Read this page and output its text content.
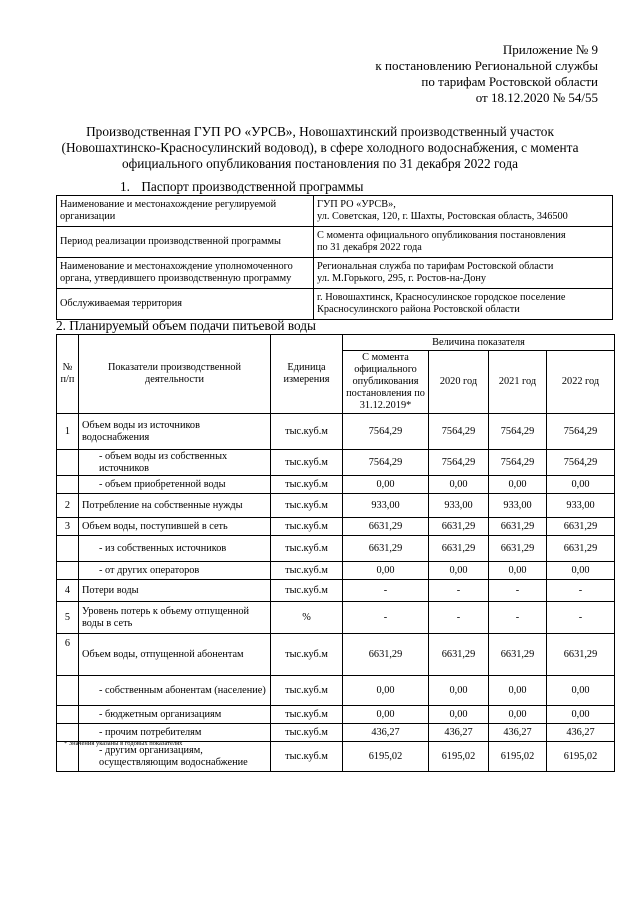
Приложение № 9
к постановлению Региональной службы
по тарифам Ростовской области
от 18.12.2020 № 54/55
Производственная ГУП РО «УРСВ», Новошахтинский производственный участок
(Новошахтинско-Красносулинский водовод), в сфере холодного водоснабжения, с момента
официального опубликования постановления по 31 декабря 2022 года
1. Паспорт производственной программы
Наименование и местонахождение регулируемой организации	ГУП РО «УРСВ»,
ул. Советская, 120, г. Шахты, Ростовская область, 346500

Период реализации производственной программы	С момента официального опубликования постановления
по 31 декабря 2022 года

Наименование и местонахождение уполномоченного органа, утвердившего производственную программу	Региональная служба по тарифам Ростовской области
ул. М.Горького, 295, г. Ростов-на-Дону

Обслуживаемая территория	г. Новошахтинск, Красносулинское городское поселение
Красносулинского района Ростовской области
2. Планируемый объем подачи питьевой воды
№ п/п	Показатели производственной деятельности	Единица измерения	Величина показателя			
			С момента официального опубликования постановления по 31.12.2019*	2020 год	2021 год	2022 год
1	Объем воды из источников водоснабжения	тыс.куб.м	7564,29	7564,29	7564,29	7564,29
	- объем воды из собственных источников	тыс.куб.м	7564,29	7564,29	7564,29	7564,29
	- объем приобретенной воды	тыс.куб.м	0,00	0,00	0,00	0,00
2	Потребление на собственные нужды	тыс.куб.м	933,00	933,00	933,00	933,00
3	Объем воды, поступившей в сеть	тыс.куб.м	6631,29	6631,29	6631,29	6631,29
	- из собственных источников	тыс.куб.м	6631,29	6631,29	6631,29	6631,29
	- от других операторов	тыс.куб.м	0,00	0,00	0,00	0,00
4	Потери воды	тыс.куб.м	-	-	-	-
5	Уровень потерь к объему отпущенной воды в сеть	%	-	-	-	-
6	Объем воды, отпущенной абонентам	тыс.куб.м	6631,29	6631,29	6631,29	6631,29
	- собственным абонентам (население)	тыс.куб.м	0,00	0,00	0,00	0,00
	- бюджетным организациям	тыс.куб.м	0,00	0,00	0,00	0,00
	- прочим потребителям	тыс.куб.м	436,27	436,27	436,27	436,27
	- другим организациям, осуществляющим водоснабжение	тыс.куб.м	6195,02	6195,02	6195,02	6195,02
* Значения указаны в годовых показателях
